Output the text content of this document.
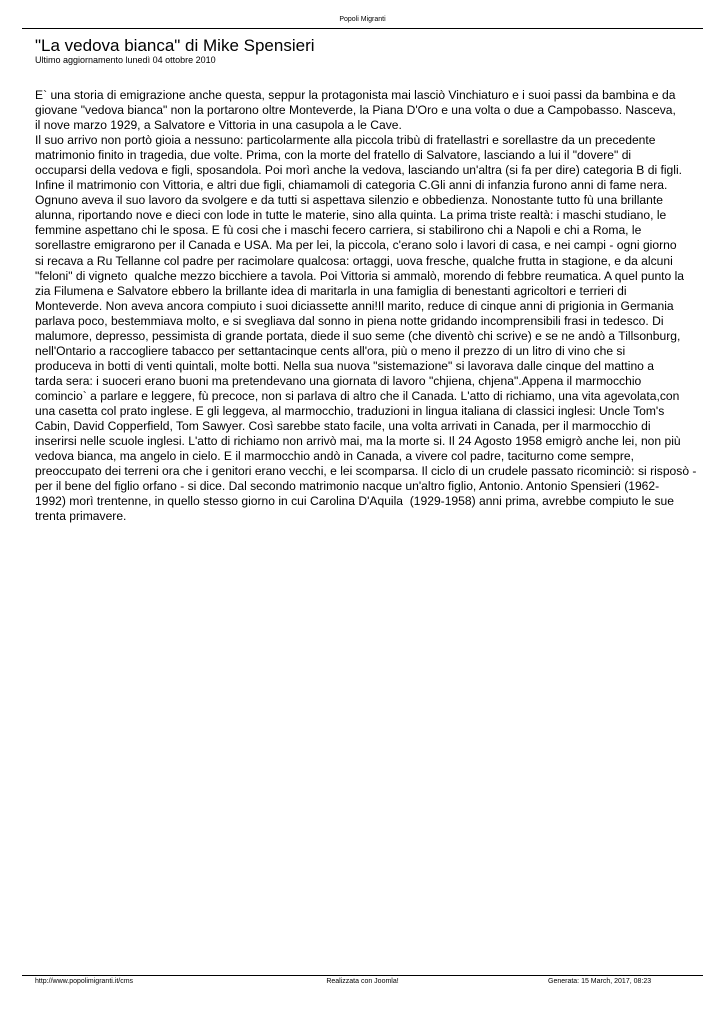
Popoli Migranti
"La vedova bianca" di Mike Spensieri
Ultimo aggiornamento lunedì 04 ottobre 2010
E` una storia di emigrazione anche questa, seppur la protagonista mai lasciò Vinchiaturo e i suoi passi da bambina e da
giovane "vedova bianca" non la portarono oltre Monteverde, la Piana D'Oro e una volta o due a Campobasso. Nasceva,
il nove marzo 1929, a Salvatore e Vittoria in una casupola a le Cave.
Il suo arrivo non portò gioia a nessuno: particolarmente alla piccola tribù di fratellastri e sorellastre da un precedente
matrimonio finito in tragedia, due volte. Prima, con la morte del fratello di Salvatore, lasciando a lui il "dovere" di
occuparsi della vedova e figli, sposandola. Poi morì anche la vedova, lasciando un'altra (si fa per dire) categoria B di figli.
Infine il matrimonio con Vittoria, e altri due figli, chiamamoli di categoria C.Gli anni di infanzia furono anni di fame nera.
Ognuno aveva il suo lavoro da svolgere e da tutti si aspettava silenzio e obbedienza. Nonostante tutto fù una brillante
alunna, riportando nove e dieci con lode in tutte le materie, sino alla quinta. La prima triste realtà: i maschi studiano, le
femmine aspettano chi le sposa. E fù cosi che i maschi fecero carriera, si stabilirono chi a Napoli e chi a Roma, le
sorellastre emigrarono per il Canada e USA. Ma per lei, la piccola, c'erano solo i lavori di casa, e nei campi - ogni giorno
si recava a Ru Tellanne col padre per racimolare qualcosa: ortaggi, uova fresche, qualche frutta in stagione, e da alcuni
"feloni" di vigneto  qualche mezzo bicchiere a tavola. Poi Vittoria si ammalò, morendo di febbre reumatica. A quel punto la
zia Filumena e Salvatore ebbero la brillante idea di maritarla in una famiglia di benestanti agricoltori e terrieri di
Monteverde. Non aveva ancora compiuto i suoi diciassette anni!Il marito, reduce di cinque anni di prigionia in Germania
parlava poco, bestemmiava molto, e si svegliava dal sonno in piena notte gridando incomprensibili frasi in tedesco. Di
malumore, depresso, pessimista di grande portata, diede il suo seme (che diventò chi scrive) e se ne andò a Tillsonburg,
nell'Ontario a raccogliere tabacco per settantacinque cents all'ora, più o meno il prezzo di un litro di vino che si
produceva in botti di venti quintali, molte botti. Nella sua nuova "sistemazione" si lavorava dalle cinque del mattino a
tarda sera: i suoceri erano buoni ma pretendevano una giornata di lavoro "chjiena, chjena".Appena il marmocchio
comincio` a parlare e leggere, fù precoce, non si parlava di altro che il Canada. L'atto di richiamo, una vita agevolata,con
una casetta col prato inglese. E gli leggeva, al marmocchio, traduzioni in lingua italiana di classici inglesi: Uncle Tom's
Cabin, David Copperfield, Tom Sawyer. Così sarebbe stato facile, una volta arrivati in Canada, per il marmocchio di
inserirsi nelle scuole inglesi. L'atto di richiamo non arrivò mai, ma la morte si. Il 24 Agosto 1958 emigrò anche lei, non più
vedova bianca, ma angelo in cielo. E il marmocchio andò in Canada, a vivere col padre, taciturno come sempre,
preoccupato dei terreni ora che i genitori erano vecchi, e lei scomparsa. Il ciclo di un crudele passato ricominciò: si risposò -
per il bene del figlio orfano - si dice. Dal secondo matrimonio nacque un'altro figlio, Antonio. Antonio Spensieri (1962-
1992) morì trentenne, in quello stesso giorno in cui Carolina D'Aquila  (1929-1958) anni prima, avrebbe compiuto le sue
trenta primavere.
http://www.popolimigranti.it/cms	Realizzata con Joomla!	Generata: 15 March, 2017, 08:23
